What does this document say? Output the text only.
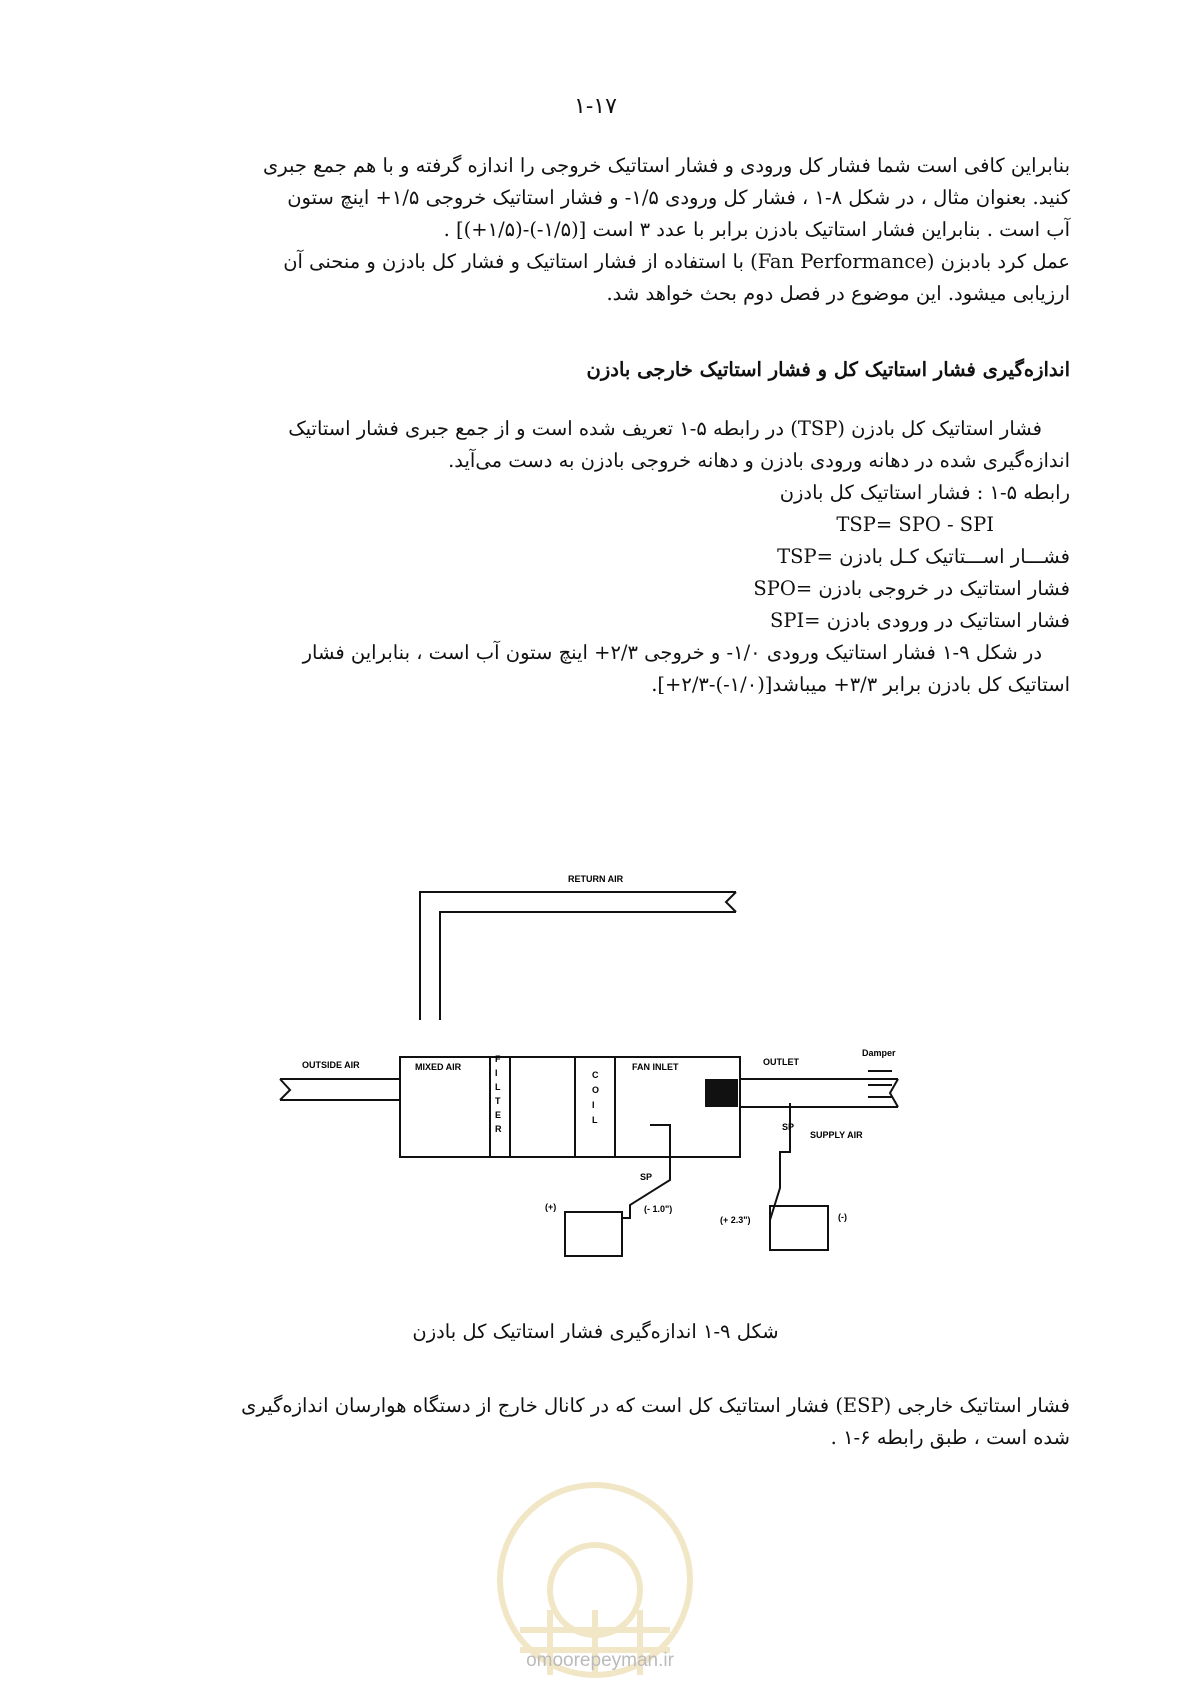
۱-۱۷
بنابراین کافی است شما فشار کل ورودی و فشار استاتیک خروجی را اندازه گرفته و با هم جمع جبری
کنید. بعنوان مثال ، در شکل ۸-۱ ، فشار کل ورودی ۱/۵- و فشار استاتیک خروجی ۱/۵+ اینچ ستون
آب است . بنابراین فشار استاتیک بادزن برابر با عدد ۳ است [(۱/۵-)-(۱/۵+)] .
عمل کرد بادبزن (Fan Performance) با استفاده از فشار استاتیک و فشار کل بادزن و منحنی آن
ارزیابی میشود. این موضوع در فصل دوم بحث خواهد شد.
اندازه‌گیری فشار استاتیک کل و فشار استاتیک خارجی بادزن
فشار استاتیک کل بادزن (TSP) در رابطه ۵-۱ تعریف شده است و از جمع جبری فشار استاتیک
اندازه‌گیری شده در دهانه ورودی بادزن و دهانه خروجی بادزن به دست می‌آید.
رابطه ۵-۱ : فشار استاتیک کل بادزن
TSP= SPO - SPI
فشـــار اســـتاتیک کـل بادزن =TSP
فشار استاتیک در خروجی بادزن =SPO
فشار استاتیک در ورودی بادزن =SPI
در شکل ۹-۱ فشار استاتیک ورودی ۱/۰- و خروجی ۲/۳+ اینچ ستون آب است ، بنابراین فشار
استاتیک کل بادزن برابر ۳/۳+ میباشد[(۱/۰-)-۲/۳+].
RETURN AIR
OUTSIDE AIR	MIXED AIR
F
I
L
T
E
R
C
O
I
L
FAN INLET	OUTLET
Damper
SUPPLY AIR
SP
SP
(+)	(- 1.0")
(+ 2.3")	(-)
شکل ۹-۱ اندازه‌گیری فشار استاتیک کل بادزن
فشار استاتیک خارجی (ESP) فشار استاتیک کل است که در کانال خارج از دستگاه هوارسان اندازه‌گیری
شده است ، طبق رابطه ۶-۱ .
omoorepeyman.ir
